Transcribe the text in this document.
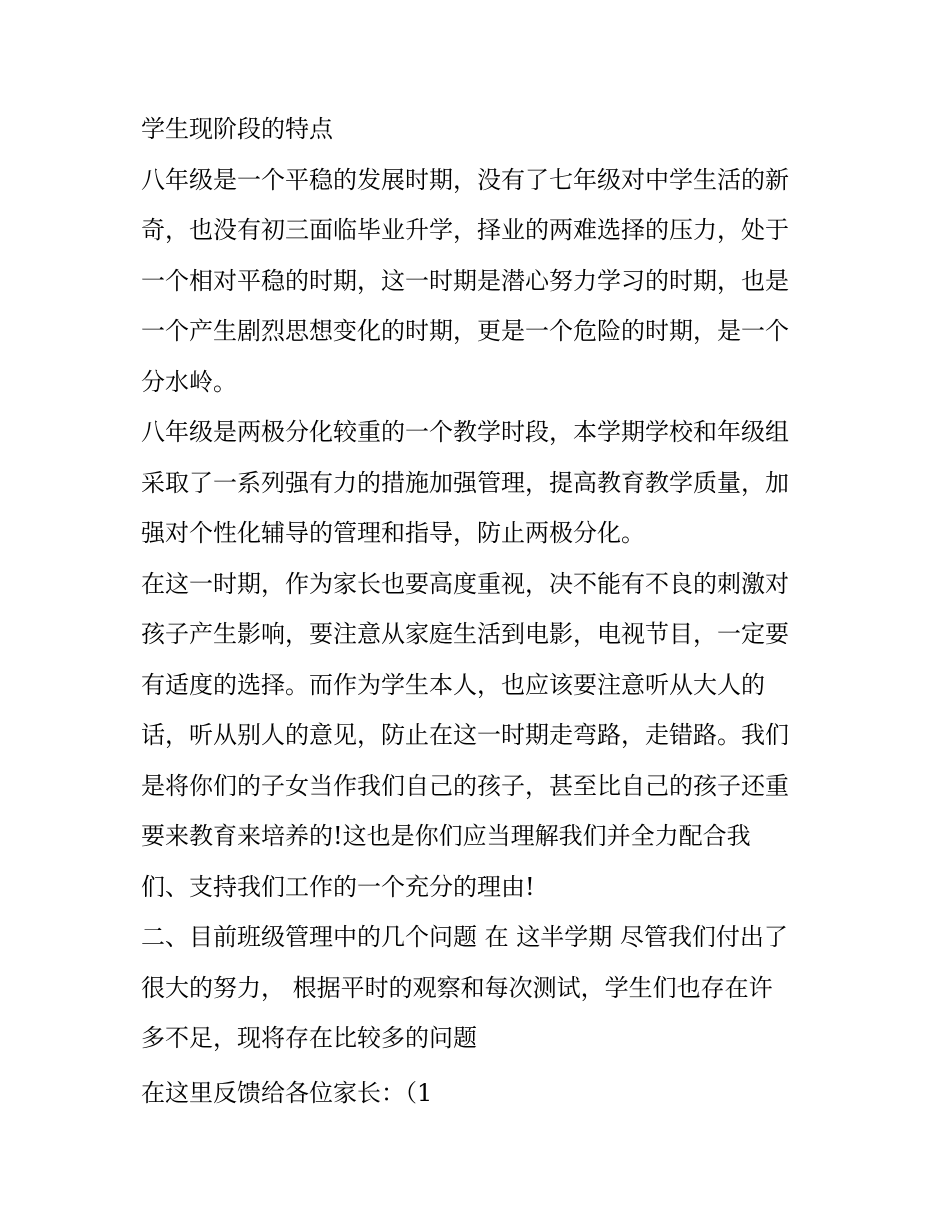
学生现阶段的特点
八年级是一个平稳的发展时期，没有了七年级对中学生活的新
奇，也没有初三面临毕业升学，择业的两难选择的压力，处于
一个相对平稳的时期，这一时期是潜心努力学习的时期，也是
一个产生剧烈思想变化的时期，更是一个危险的时期，是一个
分水岭。
八年级是两极分化较重的一个教学时段，本学期学校和年级组
采取了一系列强有力的措施加强管理，提高教育教学质量，加
强对个性化辅导的管理和指导，防止两极分化。
在这一时期，作为家长也要高度重视，决不能有不良的刺激对
孩子产生影响，要注意从家庭生活到电影，电视节目，一定要
有适度的选择。而作为学生本人，也应该要注意听从大人的
话，听从别人的意见，防止在这一时期走弯路，走错路。我们
是将你们的子女当作我们自己的孩子，甚至比自己的孩子还重
要来教育来培养的!这也是你们应当理解我们并全力配合我
们、支持我们工作的一个充分的理由!
二、目前班级管理中的几个问题 在 这半学期 尽管我们付出了
很大的努力， 根据平时的观察和每次测试，学生们也存在许
多不足，现将存在比较多的问题
在这里反馈给各位家长：（1
